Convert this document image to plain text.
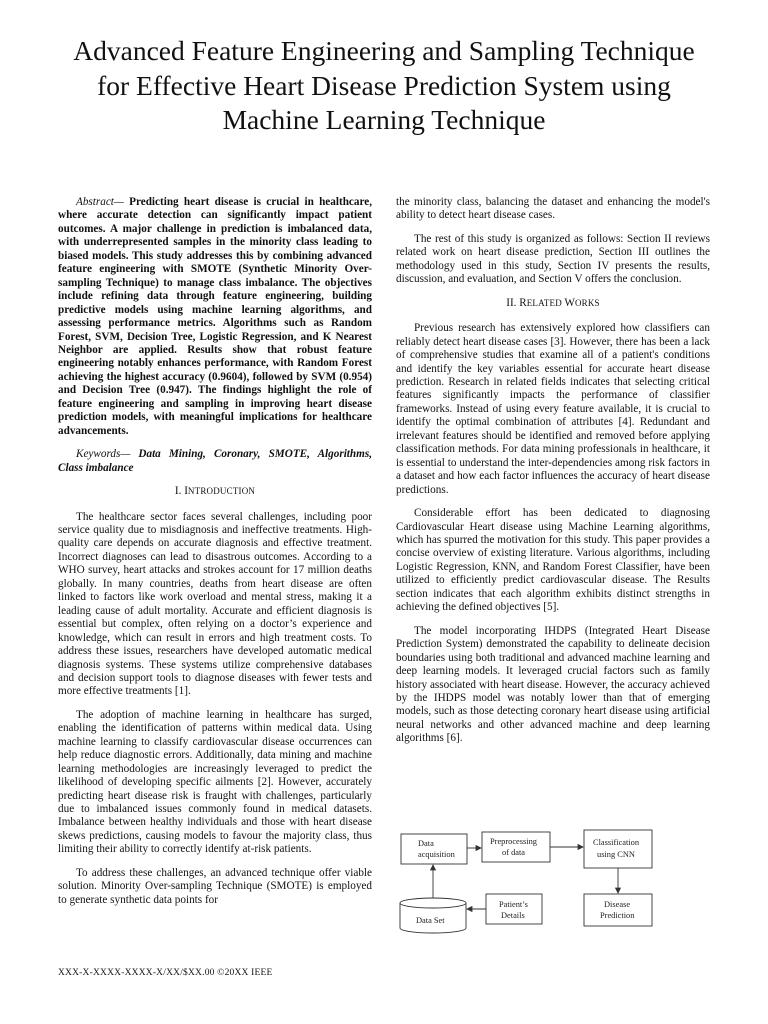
Advanced Feature Engineering and Sampling Technique for Effective Heart Disease Prediction System using Machine Learning Technique

Abstract— Predicting heart disease is crucial in healthcare, where accurate detection can significantly impact patient outcomes. A major challenge in prediction is imbalanced data, with underrepresented samples in the minority class leading to biased models. This study addresses this by combining advanced feature engineering with SMOTE (Synthetic Minority Over-sampling Technique) to manage class imbalance. The objectives include refining data through feature engineering, building predictive models using machine learning algorithms, and assessing performance metrics. Algorithms such as Random Forest, SVM, Decision Tree, Logistic Regression, and K Nearest Neighbor are applied. Results show that robust feature engineering notably enhances performance, with Random Forest achieving the highest accuracy (0.9604), followed by SVM (0.954) and Decision Tree (0.947). The findings highlight the role of feature engineering and sampling in improving heart disease prediction models, with meaningful implications for healthcare advancements.

Keywords— Data Mining, Coronary, SMOTE, Algorithms, Class imbalance

I. INTRODUCTION

The healthcare sector faces several challenges, including poor service quality due to misdiagnosis and ineffective treatments. High-quality care depends on accurate diagnosis and effective treatment. Incorrect diagnoses can lead to disastrous outcomes. According to a WHO survey, heart attacks and strokes account for 17 million deaths globally. In many countries, deaths from heart disease are often linked to factors like work overload and mental stress, making it a leading cause of adult mortality. Accurate and efficient diagnosis is essential but complex, often relying on a doctor’s experience and knowledge, which can result in errors and high treatment costs. To address these issues, researchers have developed automatic medical diagnosis systems. These systems utilize comprehensive databases and decision support tools to diagnose diseases with fewer tests and more effective treatments [1].

The adoption of machine learning in healthcare has surged, enabling the identification of patterns within medical data. Using machine learning to classify cardiovascular disease occurrences can help reduce diagnostic errors. Additionally, data mining and machine learning methodologies are increasingly leveraged to predict the likelihood of developing specific ailments [2]. However, accurately predicting heart disease risk is fraught with challenges, particularly due to imbalanced issues commonly found in medical datasets. Imbalance between healthy individuals and those with heart disease skews predictions, causing models to favour the majority class, thus limiting their ability to correctly identify at-risk patients.

To address these challenges, an advanced technique offer viable solution. Minority Over-sampling Technique (SMOTE) is employed to generate synthetic data points for

the minority class, balancing the dataset and enhancing the model's ability to detect heart disease cases.

The rest of this study is organized as follows: Section II reviews related work on heart disease prediction, Section III outlines the methodology used in this study, Section IV presents the results, discussion, and evaluation, and Section V offers the conclusion.

II. RELATED WORKS

Previous research has extensively explored how classifiers can reliably detect heart disease cases [3]. However, there has been a lack of comprehensive studies that examine all of a patient's conditions and identify the key variables essential for accurate heart disease prediction. Research in related fields indicates that selecting critical features significantly impacts the performance of classifier frameworks. Instead of using every feature available, it is crucial to identify the optimal combination of attributes [4]. Redundant and irrelevant features should be identified and removed before applying classification methods. For data mining professionals in healthcare, it is essential to understand the inter-dependencies among risk factors in a dataset and how each factor influences the accuracy of heart disease predictions.

Considerable effort has been dedicated to diagnosing Cardiovascular Heart disease using Machine Learning algorithms, which has spurred the motivation for this study. This paper provides a concise overview of existing literature. Various algorithms, including Logistic Regression, KNN, and Random Forest Classifier, have been utilized to efficiently predict cardiovascular disease. The Results section indicates that each algorithm exhibits distinct strengths in achieving the defined objectives [5].

The model incorporating IHDPS (Integrated Heart Disease Prediction System) demonstrated the capability to delineate decision boundaries using both traditional and advanced machine learning and deep learning models. It leveraged crucial factors such as family history associated with heart disease. However, the accuracy achieved by the IHDPS model was notably lower than that of emerging models, such as those detecting coronary heart disease using artificial neural networks and other advanced machine and deep learning algorithms [6].

Data
acquisition
Preprocessing
of data
Classification
using CNN
Disease
Prediction
Patient’s
Details
Data Set
XXX-X-XXXX-XXXX-X/XX/$XX.00 ©20XX IEEE
